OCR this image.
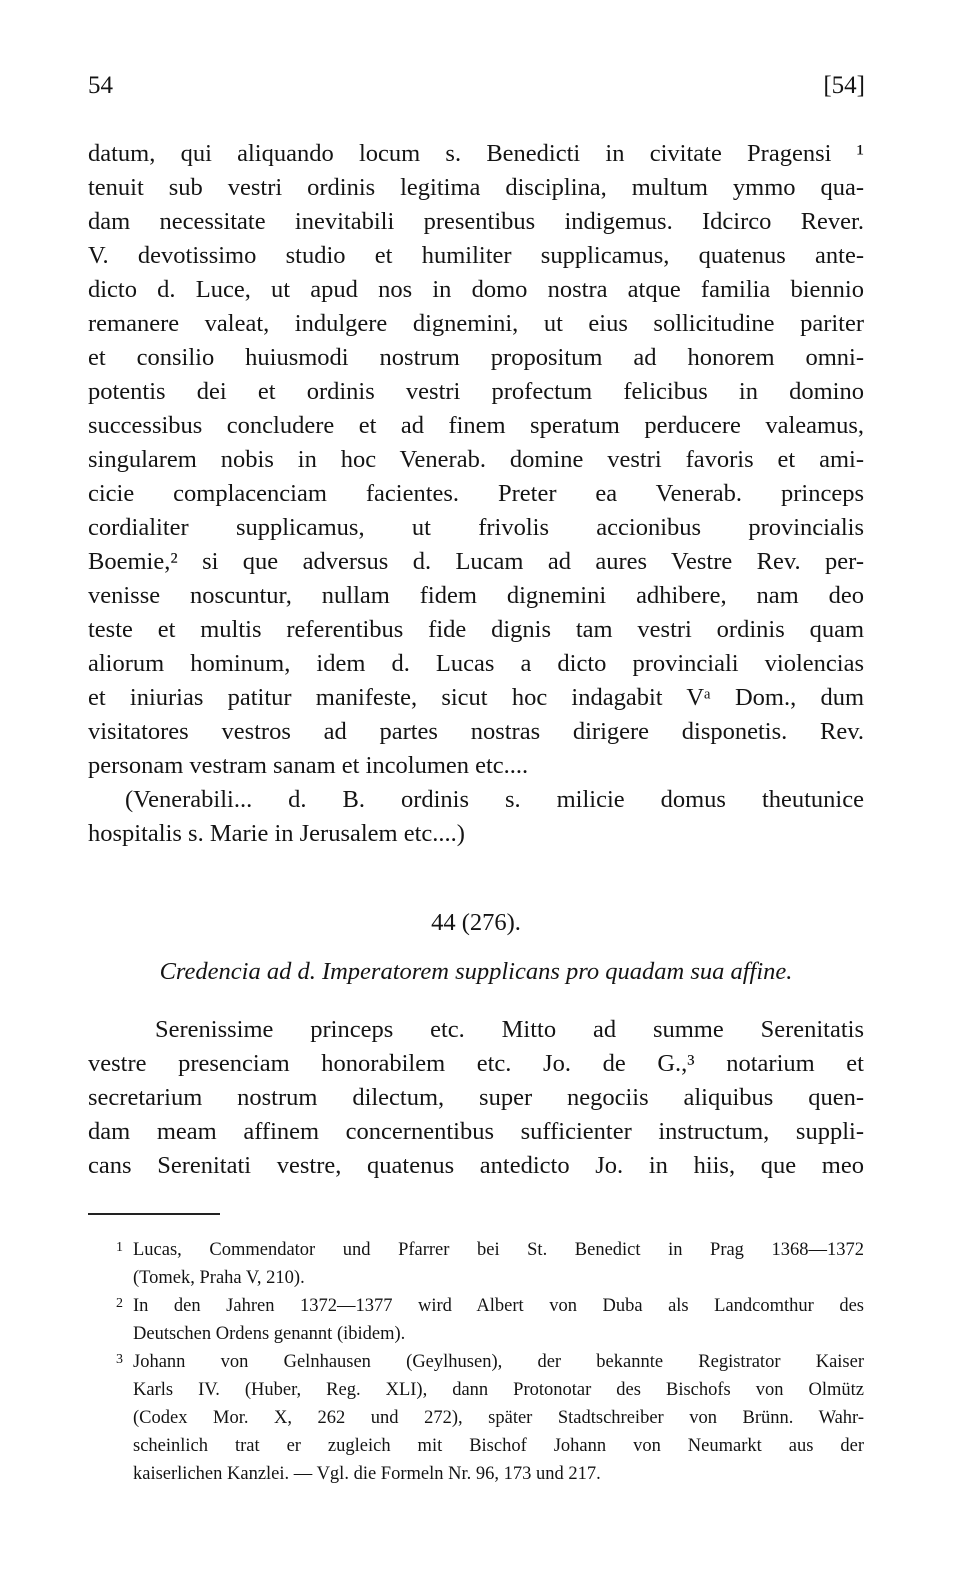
54	[54]
datum, qui aliquando locum s. Benedicti in civitate Pragensi ¹
tenuit sub vestri ordinis legitima disciplina, multum ymmo qua-
dam necessitate inevitabili presentibus indigemus. Idcirco Rever.
V. devotissimo studio et humiliter supplicamus, quatenus ante-
dicto d. Luce, ut apud nos in domo nostra atque familia biennio
remanere valeat, indulgere dignemini, ut eius sollicitudine pariter
et consilio huiusmodi nostrum propositum ad honorem omni-
potentis dei et ordinis vestri profectum felicibus in domino
successibus concludere et ad finem speratum perducere valeamus,
singularem nobis in hoc Venerab. domine vestri favoris et ami-
cicie complacenciam facientes. Preter ea Venerab. princeps
cordialiter supplicamus, ut frivolis accionibus provincialis
Boemie,² si que adversus d. Lucam ad aures Vestre Rev. per-
venisse noscuntur, nullam fidem dignemini adhibere, nam deo
teste et multis referentibus fide dignis tam vestri ordinis quam
aliorum hominum, idem d. Lucas a dicto provinciali violencias
et iniurias patitur manifeste, sicut hoc indagabit Vᵃ Dom., dum
visitatores vestros ad partes nostras dirigere disponetis. Rev.
personam vestram sanam et incolumen etc....
(Venerabili... d. B. ordinis s. milicie domus theutunice
hospitalis s. Marie in Jerusalem etc....)
44 (276).
Credencia ad d. Imperatorem supplicans pro quadam sua affine.
Serenissime princeps etc. Mitto ad summe Serenitatis
vestre presenciam honorabilem etc. Jo. de G.,³ notarium et
secretarium nostrum dilectum, super negociis aliquibus quen-
dam meam affinem concernentibus sufficienter instructum, suppli-
cans Serenitati vestre, quatenus antedicto Jo. in hiis, que meo
1 Lucas, Commendator und Pfarrer bei St. Benedict in Prag 1368—1372
(Tomek, Praha V, 210).
2 In den Jahren 1372—1377 wird Albert von Duba als Landcomthur des
Deutschen Ordens genannt (ibidem).
3 Johann von Gelnhausen (Geylhusen), der bekannte Registrator Kaiser
Karls IV. (Huber, Reg. XLI), dann Protonotar des Bischofs von Olmütz
(Codex Mor. X, 262 und 272), später Stadtschreiber von Brünn. Wahr-
scheinlich trat er zugleich mit Bischof Johann von Neumarkt aus der
kaiserlichen Kanzlei. — Vgl. die Formeln Nr. 96, 173 und 217.
